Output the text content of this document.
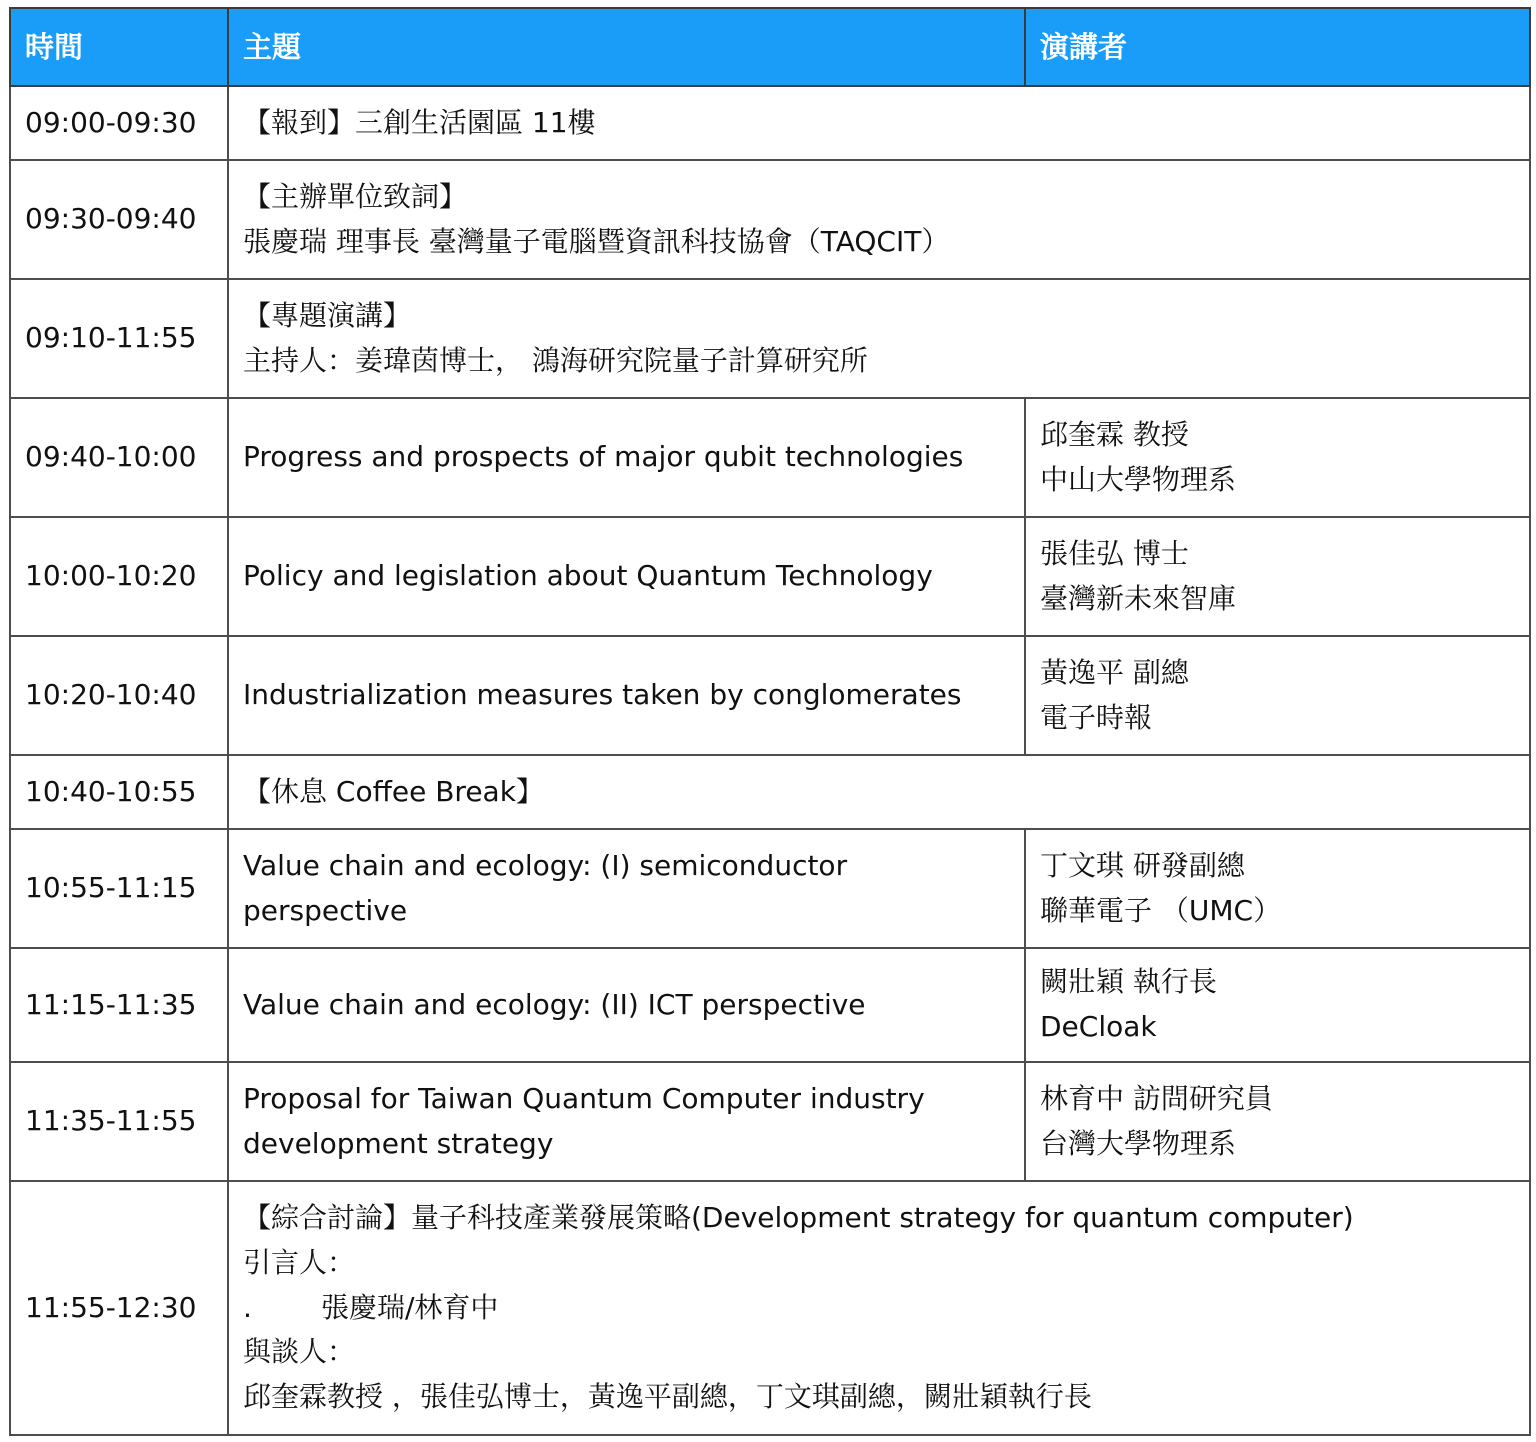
時間	主題	演講者
09:00-09:30	【報到】三創生活園區 11樓	

09:30-09:40	【主辦單位致詞】
張慶瑞 理事長 臺灣量子電腦暨資訊科技協會（TAQCIT）	

09:10-11:55	【專題演講】
主持人：姜瑋茵博士， 鴻海研究院量子計算研究所	

09:40-10:00	Progress and prospects of major qubit technologies	邱奎霖 教授
中山大學物理系

10:00-10:20	Policy and legislation about Quantum Technology	張佳弘 博士
臺灣新未來智庫

10:20-10:40	Industrialization measures taken by conglomerates	黃逸平 副總
電子時報

10:40-10:55	【休息 Coffee Break】	

10:55-11:15	Value chain and ecology: (I) semiconductor perspective	丁文琪 研發副總
聯華電子 （UMC）

11:15-11:35	Value chain and ecology: (II) ICT perspective	闕壯穎 執行長
DeCloak

11:35-11:55	Proposal for Taiwan Quantum Computer industry development strategy	林育中 訪問研究員
台灣大學物理系

11:55-12:30	【綜合討論】量子科技產業發展策略(Development strategy for quantum computer)
引言人：
. 張慶瑞/林育中
與談人：
邱奎霖教授 ，張佳弘博士，黃逸平副總，丁文琪副總，闕壯穎執行長	
